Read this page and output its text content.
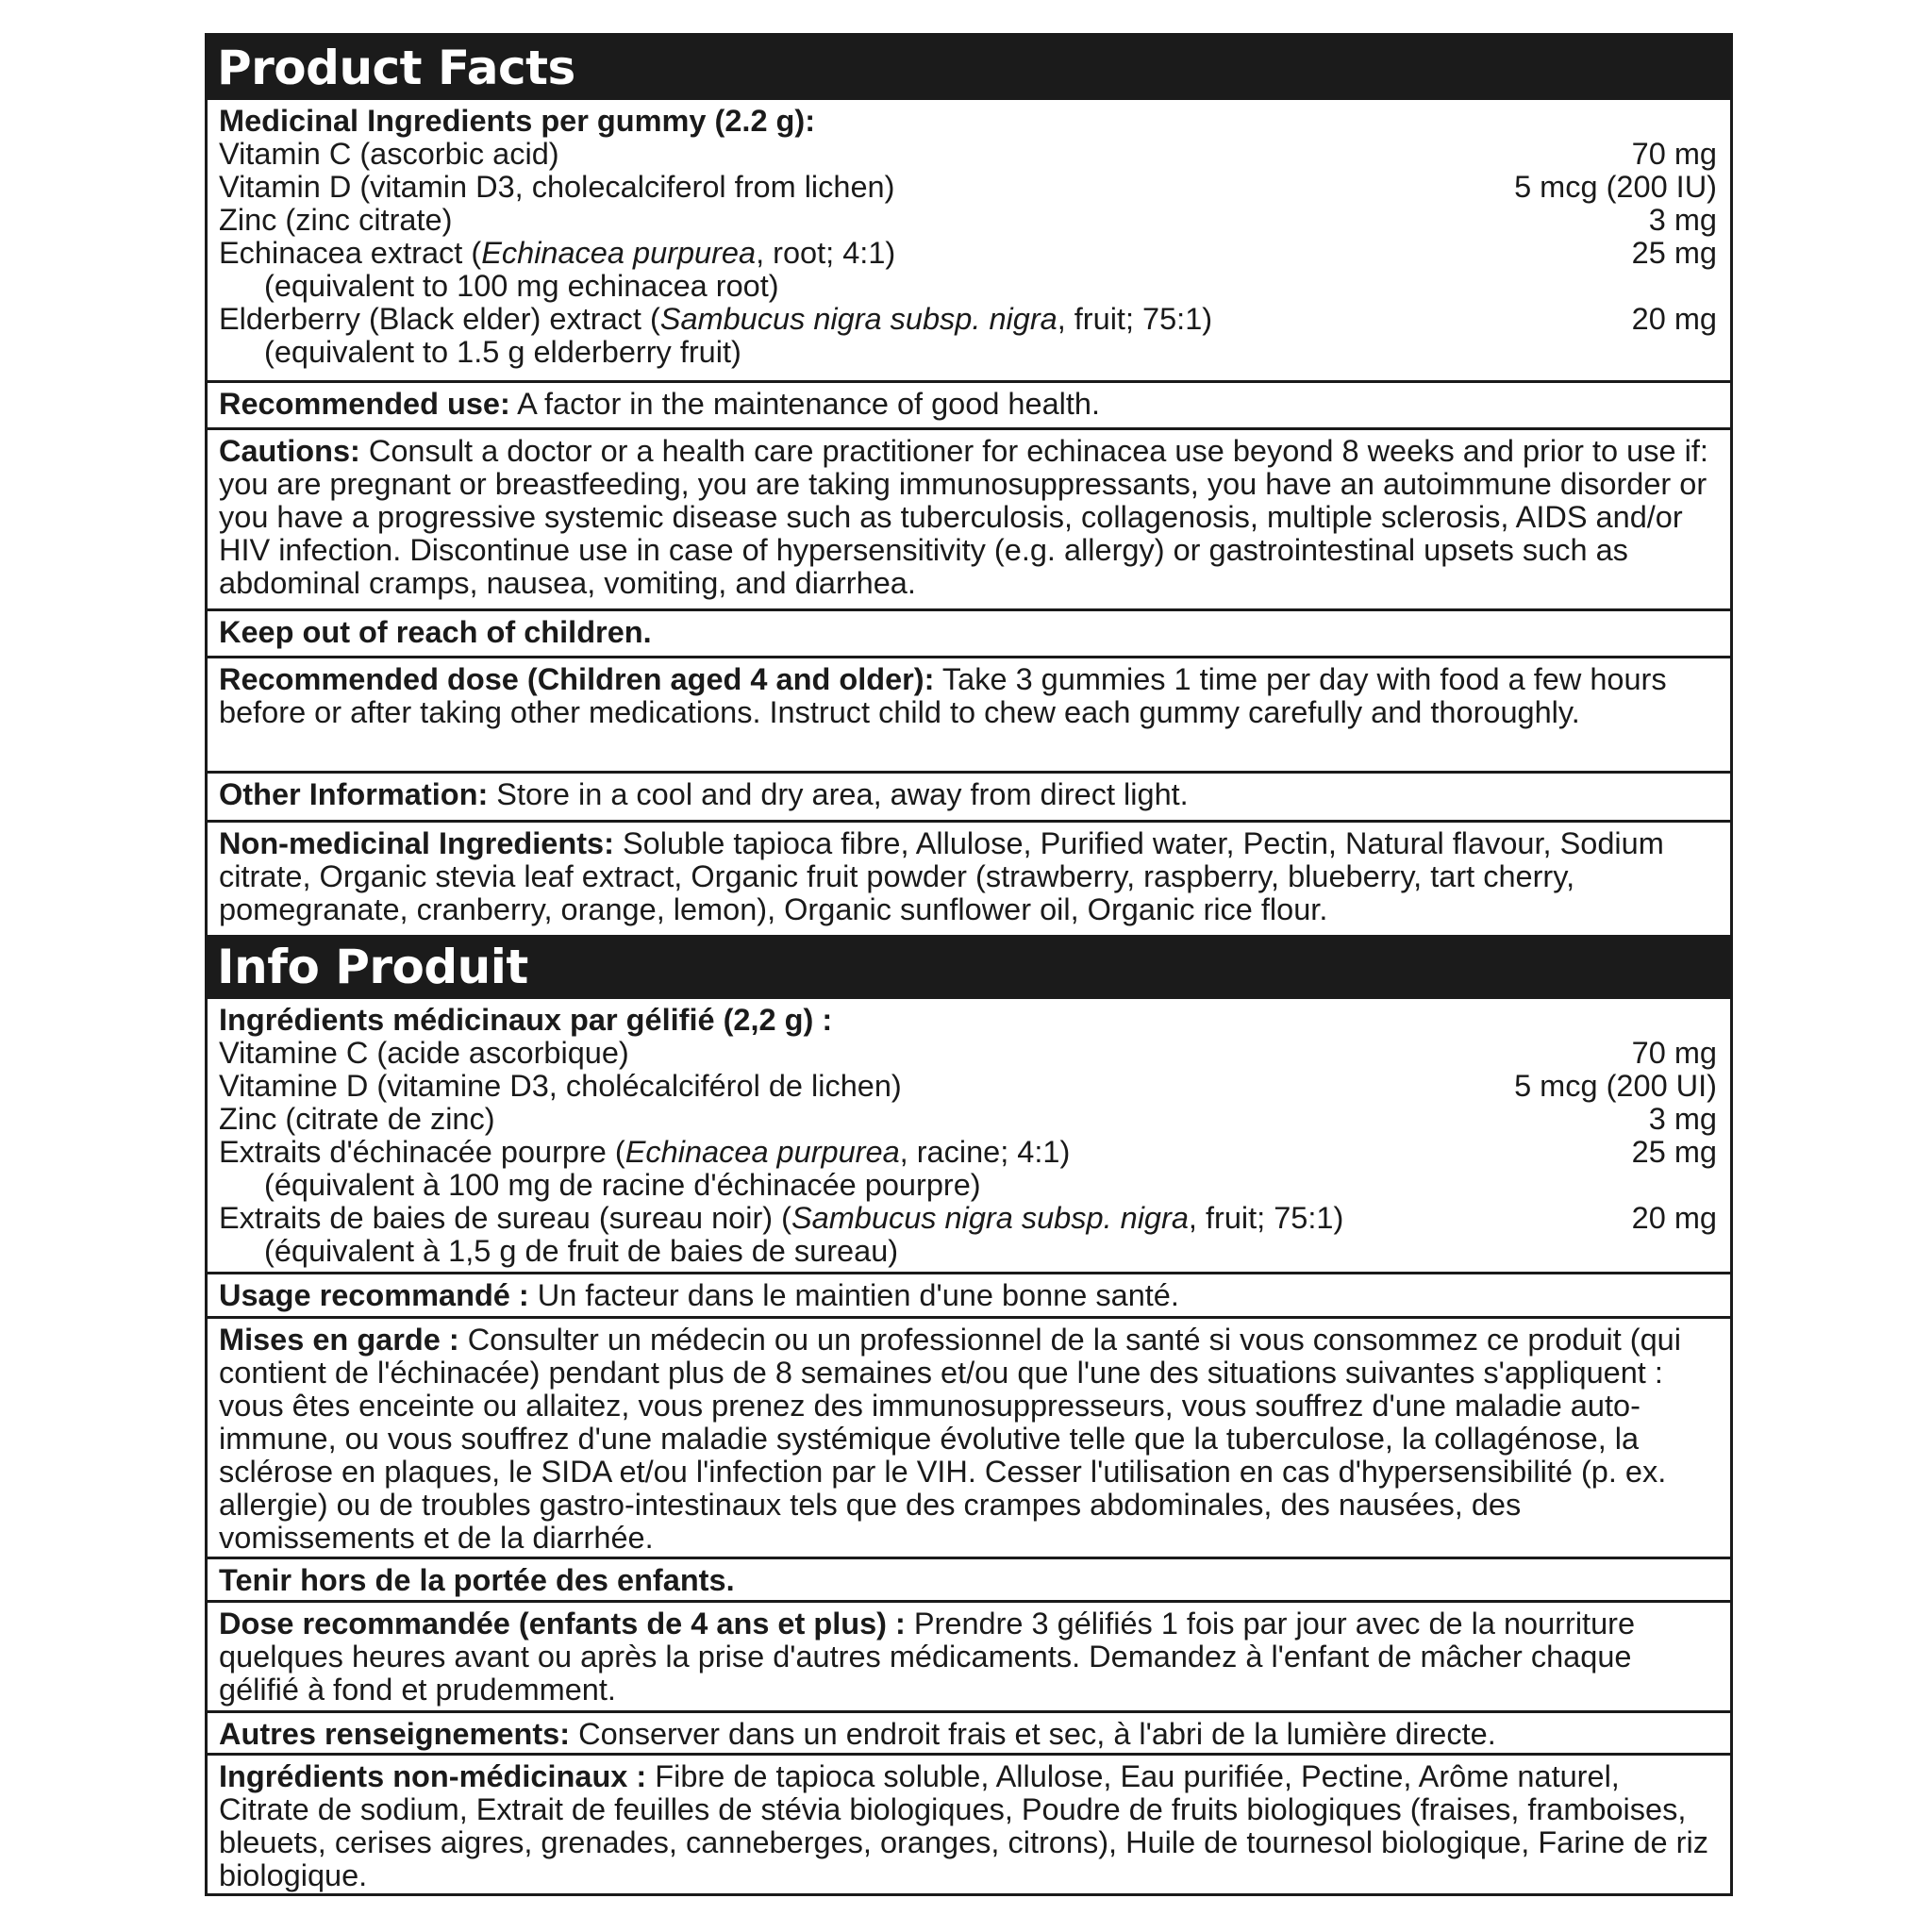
Product Facts
Medicinal Ingredients per gummy (2.2 g):
Vitamin C (ascorbic acid)	70 mg
Vitamin D (vitamin D3, cholecalciferol from lichen)	5 mcg (200 IU)
Zinc (zinc citrate)	3 mg
Echinacea extract (Echinacea purpurea, root; 4:1)	25 mg
(equivalent to 100 mg echinacea root)
Elderberry (Black elder) extract (Sambucus nigra subsp. nigra, fruit; 75:1)	20 mg
(equivalent to 1.5 g elderberry fruit)
Recommended use: A factor in the maintenance of good health.
Cautions: Consult a doctor or a health care practitioner for echinacea use beyond 8 weeks and prior to use if: you are pregnant or breastfeeding, you are taking immunosuppressants, you have an autoimmune disorder or you have a progressive systemic disease such as tuberculosis, collagenosis, multiple sclerosis, AIDS and/or HIV infection. Discontinue use in case of hypersensitivity (e.g. allergy) or gastrointestinal upsets such as abdominal cramps, nausea, vomiting, and diarrhea.
Keep out of reach of children.
Recommended dose (Children aged 4 and older): Take 3 gummies 1 time per day with food a few hours before or after taking other medications. Instruct child to chew each gummy carefully and thoroughly.
Other Information: Store in a cool and dry area, away from direct light.
Non-medicinal Ingredients: Soluble tapioca fibre, Allulose, Purified water, Pectin, Natural flavour, Sodium citrate, Organic stevia leaf extract, Organic fruit powder (strawberry, raspberry, blueberry, tart cherry, pomegranate, cranberry, orange, lemon), Organic sunflower oil, Organic rice flour.
Info Produit
Ingrédients médicinaux par gélifié (2,2 g) :
Vitamine C (acide ascorbique)	70 mg
Vitamine D (vitamine D3, cholécalciférol de lichen)	5 mcg (200 UI)
Zinc (citrate de zinc)	3 mg
Extraits d'échinacée pourpre (Echinacea purpurea, racine; 4:1)	25 mg
(équivalent à 100 mg de racine d'échinacée pourpre)
Extraits de baies de sureau (sureau noir) (Sambucus nigra subsp. nigra, fruit; 75:1)	20 mg
(équivalent à 1,5 g de fruit de baies de sureau)
Usage recommandé : Un facteur dans le maintien d'une bonne santé.
Mises en garde : Consulter un médecin ou un professionnel de la santé si vous consommez ce produit (qui contient de l'échinacée) pendant plus de 8 semaines et/ou que l'une des situations suivantes s'appliquent : vous êtes enceinte ou allaitez, vous prenez des immunosuppresseurs, vous souffrez d'une maladie auto-immune, ou vous souffrez d'une maladie systémique évolutive telle que la tuberculose, la collagénose, la sclérose en plaques, le SIDA et/ou l'infection par le VIH. Cesser l'utilisation en cas d'hypersensibilité (p. ex. allergie) ou de troubles gastro-intestinaux tels que des crampes abdominales, des nausées, des vomissements et de la diarrhée.
Tenir hors de la portée des enfants.
Dose recommandée (enfants de 4 ans et plus) : Prendre 3 gélifiés 1 fois par jour avec de la nourriture quelques heures avant ou après la prise d'autres médicaments. Demandez à l'enfant de mâcher chaque gélifié à fond et prudemment.
Autres renseignements: Conserver dans un endroit frais et sec, à l'abri de la lumière directe.
Ingrédients non-médicinaux : Fibre de tapioca soluble, Allulose, Eau purifiée, Pectine, Arôme naturel, Citrate de sodium, Extrait de feuilles de stévia biologiques, Poudre de fruits biologiques (fraises, framboises, bleuets, cerises aigres, grenades, canneberges, oranges, citrons), Huile de tournesol biologique, Farine de riz biologique.
